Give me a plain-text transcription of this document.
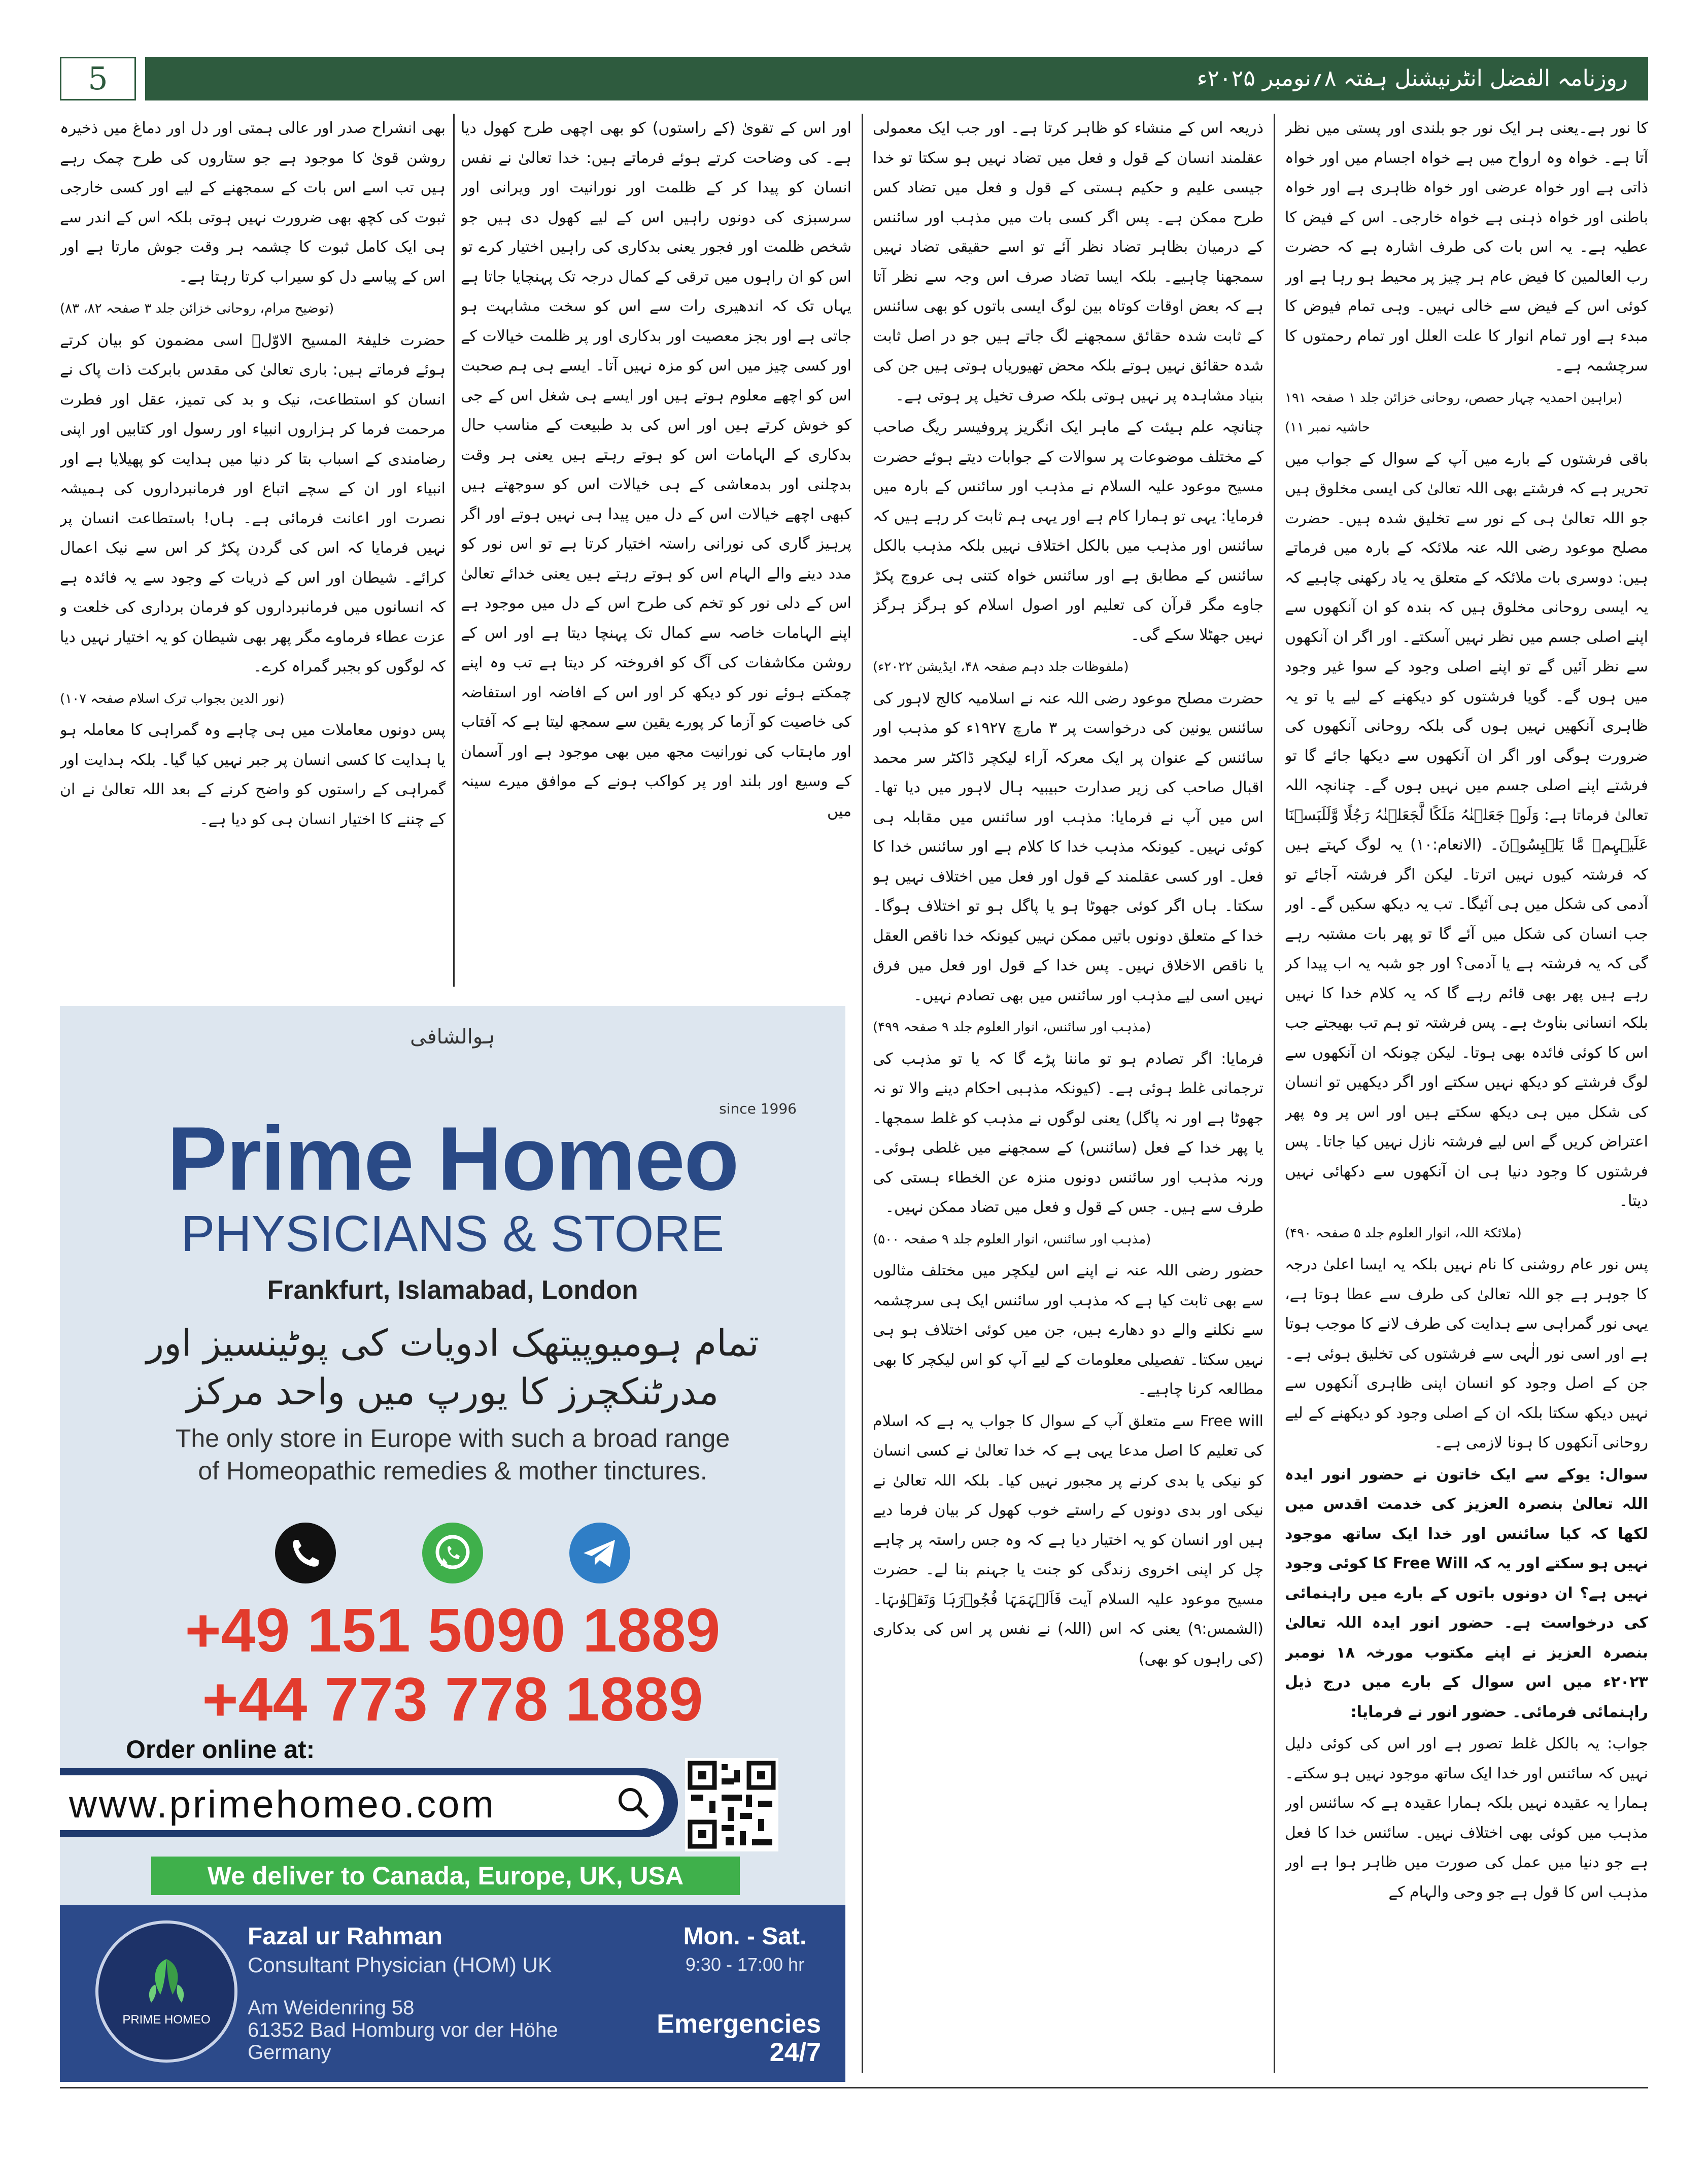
5	روزنامہ الفضل انٹرنیشنل ہفتہ ۸؍نومبر ۲۰۲۵ء

کا نور ہے۔یعنی ہر ایک نور جو بلندی اور پستی میں نظر آتا ہے۔ خواہ وہ ارواح میں ہے خواہ اجسام میں اور خواہ ذاتی ہے اور خواہ عرضی اور خواہ ظاہری ہے اور خواہ باطنی اور خواہ ذہنی ہے خواہ خارجی۔ اس کے فیض کا عطیہ ہے۔ یہ اس بات کی طرف اشارہ ہے کہ حضرت رب العالمین کا فیض عام ہر چیز پر محیط ہو رہا ہے اور کوئی اس کے فیض سے خالی نہیں۔ وہی تمام فیوض کا مبدء ہے اور تمام انوار کا علت العلل اور تمام رحمتوں کا سرچشمہ ہے۔

(براہین احمدیہ چہار حصص، روحانی خزائن جلد ۱ صفحہ ۱۹۱ حاشیہ نمبر ۱۱)

باقی فرشتوں کے بارے میں آپ کے سوال کے جواب میں تحریر ہے کہ فرشتے بھی اللہ تعالیٰ کی ایسی مخلوق ہیں جو اللہ تعالیٰ ہی کے نور سے تخلیق شدہ ہیں۔ حضرت مصلح موعود رضی اللہ عنہ ملائکہ کے بارہ میں فرماتے ہیں: دوسری بات ملائکہ کے متعلق یہ یاد رکھنی چاہیے کہ یہ ایسی روحانی مخلوق ہیں کہ بندہ کو ان آنکھوں سے اپنے اصلی جسم میں نظر نہیں آسکتے۔ اور اگر ان آنکھوں سے نظر آئیں گے تو اپنے اصلی وجود کے سوا غیر وجود میں ہوں گے۔ گویا فرشتوں کو دیکھنے کے لیے یا تو یہ ظاہری آنکھیں نہیں ہوں گی بلکہ روحانی آنکھوں کی ضرورت ہوگی اور اگر ان آنکھوں سے دیکھا جائے گا تو فرشتے اپنے اصلی جسم میں نہیں ہوں گے۔ چنانچہ اللہ تعالیٰ فرماتا ہے: وَلَوۡ جَعَلۡنٰہُ مَلَکًا لَّجَعَلۡنٰہُ رَجُلًا وَّلَلَبَسۡنَا عَلَیۡہِمۡ مَّا یَلۡبِسُوۡنَ۔ (الانعام:۱۰) یہ لوگ کہتے ہیں کہ فرشتہ کیوں نہیں اترتا۔ لیکن اگر فرشتہ آجائے تو آدمی کی شکل میں ہی آئیگا۔ تب یہ دیکھ سکیں گے۔ اور جب انسان کی شکل میں آئے گا تو پھر بات مشتبہ رہے گی کہ یہ فرشتہ ہے یا آدمی؟ اور جو شبہ یہ اب پیدا کر رہے ہیں پھر بھی قائم رہے گا کہ یہ کلام خدا کا نہیں بلکہ انسانی بناوٹ ہے۔ پس فرشتہ تو ہم تب بھیجتے جب اس کا کوئی فائدہ بھی ہوتا۔ لیکن چونکہ ان آنکھوں سے لوگ فرشتے کو دیکھ نہیں سکتے اور اگر دیکھیں تو انسان کی شکل میں ہی دیکھ سکتے ہیں اور اس پر وہ پھر اعتراض کریں گے اس لیے فرشتہ نازل نہیں کیا جاتا۔ پس فرشتوں کا وجود دنیا ہی ان آنکھوں سے دکھائی نہیں دیتا۔

(ملائکۃ اللہ، انوار العلوم جلد ۵ صفحہ ۴۹۰)

پس نور عام روشنی کا نام نہیں بلکہ یہ ایسا اعلیٰ درجہ کا جوہر ہے جو اللہ تعالیٰ کی طرف سے عطا ہوتا ہے، یہی نور گمراہی سے ہدایت کی طرف لانے کا موجب ہوتا ہے اور اسی نور الٰہی سے فرشتوں کی تخلیق ہوئی ہے۔ جن کے اصل وجود کو انسان اپنی ظاہری آنکھوں سے نہیں دیکھ سکتا بلکہ ان کے اصلی وجود کو دیکھنے کے لیے روحانی آنکھوں کا ہونا لازمی ہے۔

سوال: یوکے سے ایک خاتون نے حضور انور ایدہ اللہ تعالیٰ بنصرہ العزیز کی خدمت اقدس میں لکھا کہ کیا سائنس اور خدا ایک ساتھ موجود نہیں ہو سکتے اور یہ کہ Free Will کا کوئی وجود نہیں ہے؟ ان دونوں باتوں کے بارے میں راہنمائی کی درخواست ہے۔ حضور انور ایدہ اللہ تعالیٰ بنصرہ العزیز نے اپنے مکتوب مورخہ ۱۸ نومبر ۲۰۲۳ء میں اس سوال کے بارے میں درج ذیل راہنمائی فرمائی۔ حضور انور نے فرمایا:

جواب: یہ بالکل غلط تصور ہے اور اس کی کوئی دلیل نہیں کہ سائنس اور خدا ایک ساتھ موجود نہیں ہو سکتے۔ ہمارا یہ عقیدہ نہیں بلکہ ہمارا عقیدہ ہے کہ سائنس اور مذہب میں کوئی بھی اختلاف نہیں۔ سائنس خدا کا فعل ہے جو دنیا میں عمل کی صورت میں ظاہر ہوا ہے اور مذہب اس کا قول ہے جو وحی والہام کے

ذریعہ اس کے منشاء کو ظاہر کرتا ہے۔ اور جب ایک معمولی عقلمند انسان کے قول و فعل میں تضاد نہیں ہو سکتا تو خدا جیسی علیم و حکیم ہستی کے قول و فعل میں تضاد کس طرح ممکن ہے۔ پس اگر کسی بات میں مذہب اور سائنس کے درمیان بظاہر تضاد نظر آئے تو اسے حقیقی تضاد نہیں سمجھنا چاہیے۔ بلکہ ایسا تضاد صرف اس وجہ سے نظر آتا ہے کہ بعض اوقات کوتاہ بین لوگ ایسی باتوں کو بھی سائنس کے ثابت شدہ حقائق سمجھنے لگ جاتے ہیں جو در اصل ثابت شدہ حقائق نہیں ہوتے بلکہ محض تھیوریاں ہوتی ہیں جن کی بنیاد مشاہدہ پر نہیں ہوتی بلکہ صرف تخیل پر ہوتی ہے۔

چنانچہ علم ہیئت کے ماہر ایک انگریز پروفیسر ریگ صاحب کے مختلف موضوعات پر سوالات کے جوابات دیتے ہوئے حضرت مسیح موعود علیہ السلام نے مذہب اور سائنس کے بارہ میں فرمایا: یہی تو ہمارا کام ہے اور یہی ہم ثابت کر رہے ہیں کہ سائنس اور مذہب میں بالکل اختلاف نہیں بلکہ مذہب بالکل سائنس کے مطابق ہے اور سائنس خواہ کتنی ہی عروج پکڑ جاوے مگر قرآن کی تعلیم اور اصول اسلام کو ہرگز ہرگز نہیں جھٹلا سکے گی۔

(ملفوظات جلد دہم صفحہ ۴۸، ایڈیشن ۲۰۲۲ء)

حضرت مصلح موعود رضی اللہ عنہ نے اسلامیہ کالج لاہور کی سائنس یونین کی درخواست پر ۳ مارچ ۱۹۲۷ء کو مذہب اور سائنس کے عنوان پر ایک معرکہ آراء لیکچر ڈاکٹر سر محمد اقبال صاحب کی زیر صدارت حبیبیہ ہال لاہور میں دیا تھا۔ اس میں آپ نے فرمایا: مذہب اور سائنس میں مقابلہ ہی کوئی نہیں۔ کیونکہ مذہب خدا کا کلام ہے اور سائنس خدا کا فعل۔ اور کسی عقلمند کے قول اور فعل میں اختلاف نہیں ہو سکتا۔ ہاں اگر کوئی جھوٹا ہو یا پاگل ہو تو اختلاف ہوگا۔ خدا کے متعلق دونوں باتیں ممکن نہیں کیونکہ خدا ناقص العقل یا ناقص الاخلاق نہیں۔ پس خدا کے قول اور فعل میں فرق نہیں اسی لیے مذہب اور سائنس میں بھی تصادم نہیں۔

(مذہب اور سائنس، انوار العلوم جلد ۹ صفحہ ۴۹۹)

فرمایا: اگر تصادم ہو تو ماننا پڑے گا کہ یا تو مذہب کی ترجمانی غلط ہوئی ہے۔ (کیونکہ مذہبی احکام دینے والا تو نہ جھوٹا ہے اور نہ پاگل) یعنی لوگوں نے مذہب کو غلط سمجھا۔ یا پھر خدا کے فعل (سائنس) کے سمجھنے میں غلطی ہوئی۔ ورنہ مذہب اور سائنس دونوں منزہ عن الخطاء ہستی کی طرف سے ہیں۔ جس کے قول و فعل میں تضاد ممکن نہیں۔

(مذہب اور سائنس، انوار العلوم جلد ۹ صفحہ ۵۰۰)

حضور رضی اللہ عنہ نے اپنے اس لیکچر میں مختلف مثالوں سے بھی ثابت کیا ہے کہ مذہب اور سائنس ایک ہی سرچشمہ سے نکلنے والے دو دھارے ہیں، جن میں کوئی اختلاف ہو ہی نہیں سکتا۔ تفصیلی معلومات کے لیے آپ کو اس لیکچر کا بھی مطالعہ کرنا چاہیے۔

Free will سے متعلق آپ کے سوال کا جواب یہ ہے کہ اسلام کی تعلیم کا اصل مدعا یہی ہے کہ خدا تعالیٰ نے کسی انسان کو نیکی یا بدی کرنے پر مجبور نہیں کیا۔ بلکہ اللہ تعالیٰ نے نیکی اور بدی دونوں کے راستے خوب کھول کر بیان فرما دیے ہیں اور انسان کو یہ اختیار دیا ہے کہ وہ جس راستہ پر چاہے چل کر اپنی اخروی زندگی کو جنت یا جہنم بنا لے۔ حضرت مسیح موعود علیہ السلام آیت فَاَلۡہَمَہَا فُجُوۡرَہَا وَتَقۡوٰىہَا۔ (الشمس:۹) یعنی کہ اس (اللہ) نے نفس پر اس کی بدکاری (کی راہوں کو بھی)

اور اس کے تقویٰ (کے راستوں) کو بھی اچھی طرح کھول دیا ہے۔ کی وضاحت کرتے ہوئے فرماتے ہیں: خدا تعالیٰ نے نفس انسان کو پیدا کر کے ظلمت اور نورانیت اور ویرانی اور سرسبزی کی دونوں راہیں اس کے لیے کھول دی ہیں جو شخص ظلمت اور فجور یعنی بدکاری کی راہیں اختیار کرے تو اس کو ان راہوں میں ترقی کے کمال درجہ تک پہنچایا جاتا ہے یہاں تک کہ اندھیری رات سے اس کو سخت مشابہت ہو جاتی ہے اور بجز معصیت اور بدکاری اور پر ظلمت خیالات کے اور کسی چیز میں اس کو مزہ نہیں آتا۔ ایسے ہی ہم صحبت اس کو اچھے معلوم ہوتے ہیں اور ایسے ہی شغل اس کے جی کو خوش کرتے ہیں اور اس کی بد طبیعت کے مناسب حال بدکاری کے الہامات اس کو ہوتے رہتے ہیں یعنی ہر وقت بدچلنی اور بدمعاشی کے ہی خیالات اس کو سوجھتے ہیں کبھی اچھے خیالات اس کے دل میں پیدا ہی نہیں ہوتے اور اگر پرہیز گاری کی نورانی راستہ اختیار کرتا ہے تو اس نور کو مدد دینے والے الہام اس کو ہوتے رہتے ہیں یعنی خدائے تعالیٰ اس کے دلی نور کو تخم کی طرح اس کے دل میں موجود ہے اپنے الہامات خاصہ سے کمال تک پہنچا دیتا ہے اور اس کے روشن مکاشفات کی آگ کو افروختہ کر دیتا ہے تب وہ اپنے چمکتے ہوئے نور کو دیکھ کر اور اس کے افاضہ اور استفاضہ کی خاصیت کو آزما کر پورے یقین سے سمجھ لیتا ہے کہ آفتاب اور ماہتاب کی نورانیت مجھ میں بھی موجود ہے اور آسمان کے وسیع اور بلند اور پر کواکب ہونے کے موافق میرے سینہ میں

بھی انشراح صدر اور عالی ہمتی اور دل اور دماغ میں ذخیرہ روشن قویٰ کا موجود ہے جو ستاروں کی طرح چمک رہے ہیں تب اسے اس بات کے سمجھنے کے لیے اور کسی خارجی ثبوت کی کچھ بھی ضرورت نہیں ہوتی بلکہ اس کے اندر سے ہی ایک کامل ثبوت کا چشمہ ہر وقت جوش مارتا ہے اور اس کے پیاسے دل کو سیراب کرتا رہتا ہے۔

(توضیح مرام، روحانی خزائن جلد ۳ صفحہ ۸۲، ۸۳)

حضرت خلیفۃ المسیح الاوّلؓ اسی مضمون کو بیان کرتے ہوئے فرماتے ہیں: باری تعالیٰ کی مقدس بابرکت ذات پاک نے انسان کو استطاعت، نیک و بد کی تمیز، عقل اور فطرت مرحمت فرما کر ہزاروں انبیاء اور رسول اور کتابیں اور اپنی رضامندی کے اسباب بتا کر دنیا میں ہدایت کو پھیلایا ہے اور انبیاء اور ان کے سچے اتباع اور فرمانبرداروں کی ہمیشہ نصرت اور اعانت فرمائی ہے۔ ہاں! باستطاعت انسان پر نہیں فرمایا کہ اس کی گردن پکڑ کر اس سے نیک اعمال کرائے۔ شیطان اور اس کے ذریات کے وجود سے یہ فائدہ ہے کہ انسانوں میں فرمانبرداروں کو فرمان برداری کی خلعت و عزت عطاء فرماوے مگر پھر بھی شیطان کو یہ اختیار نہیں دیا کہ لوگوں کو بجبر گمراہ کرے۔

(نور الدین بجواب ترک اسلام صفحہ ۱۰۷)

پس دونوں معاملات میں ہی چاہے وہ گمراہی کا معاملہ ہو یا ہدایت کا کسی انسان پر جبر نہیں کیا گیا۔ بلکہ ہدایت اور گمراہی کے راستوں کو واضح کرنے کے بعد اللہ تعالیٰ نے ان کے چننے کا اختیار انسان ہی کو دیا ہے۔

ہوالشافی
since 1996
Prime Homeo
PHYSICIANS & STORE
Frankfurt, Islamabad, London
تمام ہومیوپیتھک ادویات کی پوٹینسیز اور
مدرٹنکچرز کا یورپ میں واحد مرکز
The only store in Europe with such a broad range
of Homeopathic remedies & mother tinctures.
+49 151 5090 1889
+44 773 778 1889
Order online at:
www.primehomeo.com
We deliver to Canada, Europe, UK, USA
PRIME HOMEO
Fazal ur Rahman
Consultant Physician (HOM) UK
Am Weidenring 58
61352 Bad Homburg vor der Höhe
Germany
Mon. - Sat.
9:30 - 17:00 hr
Emergencies
24/7
